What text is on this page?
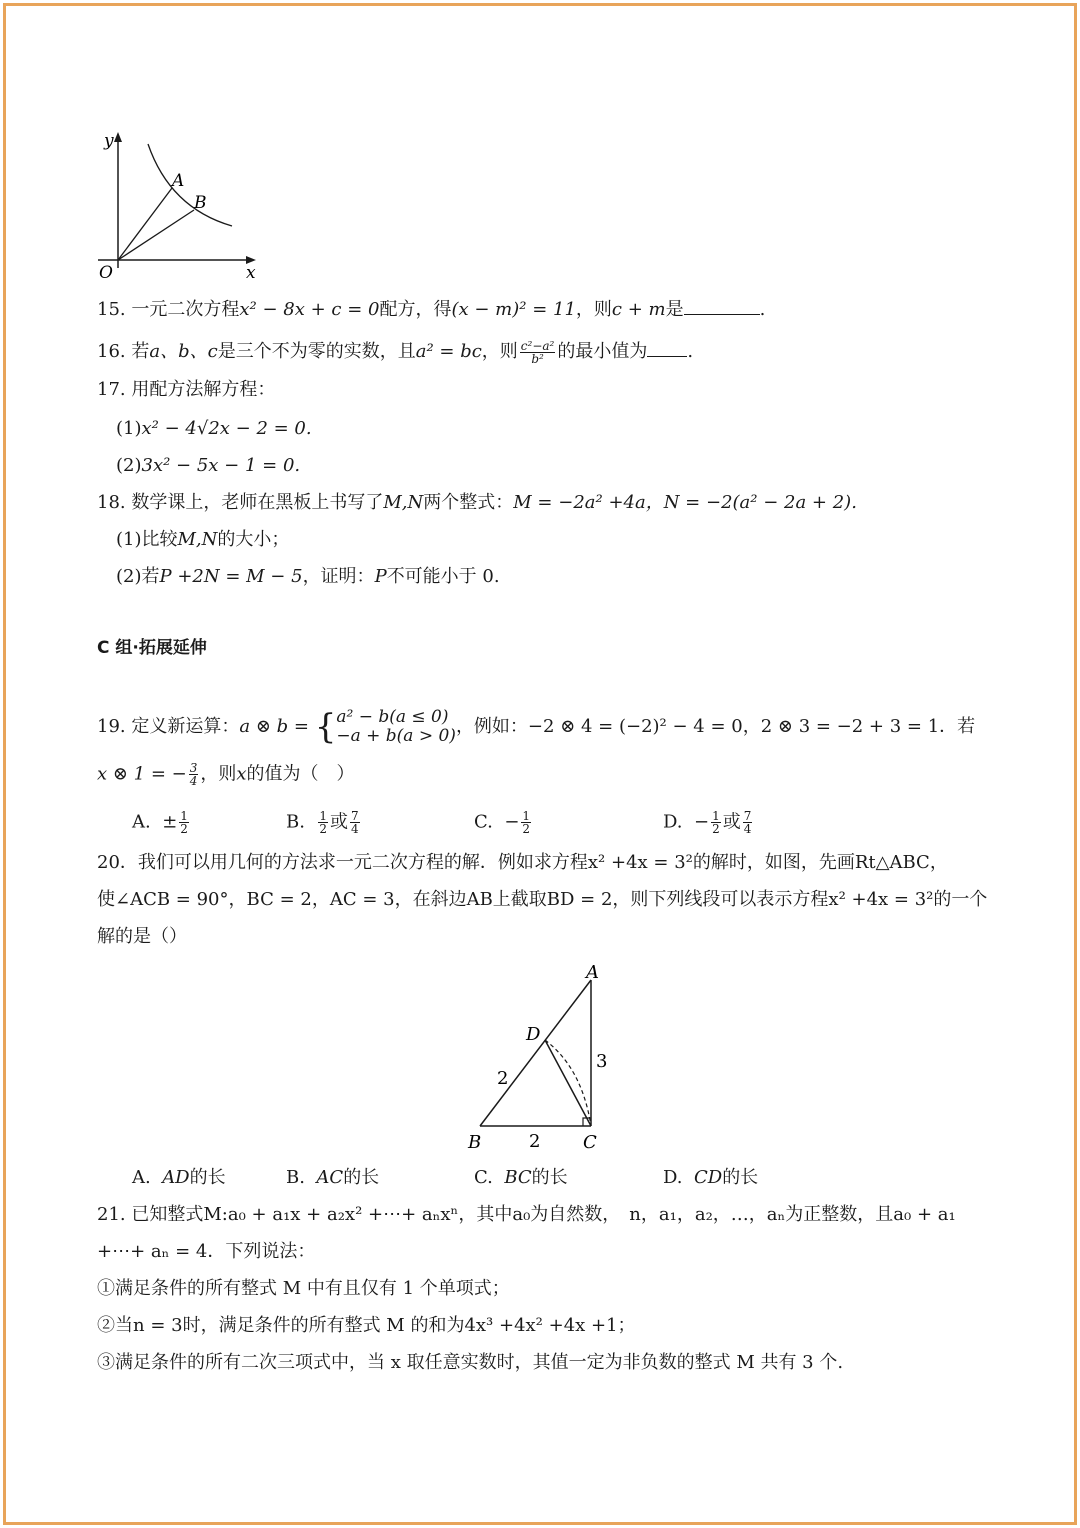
y
x
O
A
B
15. 一元二次方程x² − 8x + c = 0配方，得(x − m)² = 11，则c + m是	.
16. 若a、b、c是三个不为零的实数，且a² = bc，则 $\frac{\text{c²−a²}}{\text{b²}}$ 的最小值为 .
17. 用配方法解方程：
(1)x² − 4√2x − 2 = 0.
(2)3x² − 5x − 1 = 0.
18. 数学课上，老师在黑板上书写了M,N两个整式：M = −2a² +4a，N = −2(a² − 2a + 2).
(1)比较M,N的大小；
(2)若P +2N = M − 5，证明：P不可能小于 0.
C 组·拓展延伸
19. 定义新运算：a ⊗ b = { a² − b(a ≤ 0)
−a + b(a > 0) ，例如：−2 ⊗ 4 = (−2)² − 4 = 0，2 ⊗ 3 = −2 + 3 = 1．若
x ⊗ 1 = − $\frac{3}{4}$ ，则x的值为（　）
A. ± $\frac{1}{2}$	B. $\frac{1}{2}$ 或 $\frac{7}{4}$	C. − $\frac{1}{2}$	D. − $\frac{1}{2}$ 或 $\frac{7}{4}$
20．我们可以用几何的方法求一元二次方程的解．例如求方程x² +4x = 3²的解时，如图，先画Rt△ABC，
使∠ACB = 90°，BC = 2，AC = 3，在斜边AB上截取BD = 2，则下列线段可以表示方程x² +4x = 3²的一个
解的是（）
A
D
B	C
2
2
3
A. AD的长	B. AC的长	C. BC的长	D. CD的长
21. 已知整式M:a₀ + a₁x + a₂x² +⋯+ aₙxⁿ，其中a₀为自然数，　n，a₁，a₂，…，aₙ为正整数，且a₀ + a₁
+⋯+ aₙ = 4．下列说法：
①满足条件的所有整式 M 中有且仅有 1 个单项式；
②当n = 3时，满足条件的所有整式 M 的和为4x³ +4x² +4x +1；
③满足条件的所有二次三项式中，当 x 取任意实数时，其值一定为非负数的整式 M 共有 3 个.
